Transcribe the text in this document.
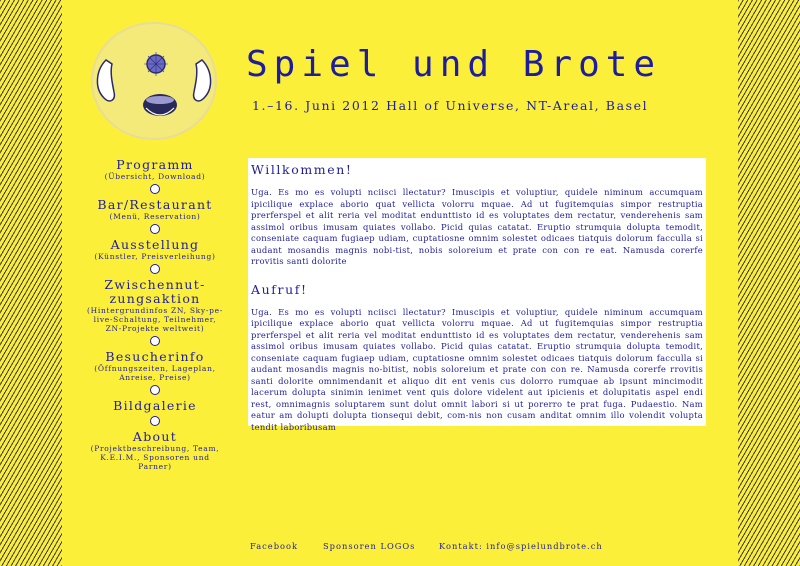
Spiel und Brote
1.–16. Juni 2012 Hall of Universe, NT-Areal, Basel
Programm
(Übersicht, Download)
Bar/Restaurant
(Menü, Reservation)
Ausstellung
(Künstler, Preisverleihung)
Zwischennut-zungsaktion
(Hintergrundinfos ZN, Sky-pe-live-Schaltung, Teilnehmer, ZN-Projekte weltweit)
Besucherinfo
(Öffnungszeiten, Lageplan, Anreise, Preise)
Bildgalerie
About
(Projektbeschreibung, Team, K.E.I.M., Sponsoren und Parner)
Willkommen!

Uga. Es mo es volupti nciisci llectatur? Imuscipis et voluptiur, quidele niminum accumquam ipicilique explace aborio quat vellicta volorru mquae. Ad ut fugitemquias simpor restruptia prerferspel et alit reria vel moditat endunttisto id es voluptates dem rectatur, venderehenis sam assimol oribus imusam quiates vollabo. Picid quias catatat. Eruptio strumquia dolupta temodit, conseniate caquam fugiaep udiam, cuptatiosne omnim solestet odicaes tiatquis dolorum facculla si audant mosandis magnis nobi-tist, nobis soloreium et prate con con re eat. Namusda corerfe rrovitis santi dolorite

Aufruf!

Uga. Es mo es volupti nciisci llectatur? Imuscipis et voluptiur, quidele niminum accumquam ipicilique explace aborio quat vellicta volorru mquae. Ad ut fugitemquias simpor restruptia prerferspel et alit reria vel moditat endunttisto id es voluptates dem rectatur, venderehenis sam assimol oribus imusam quiates vollabo. Picid quias catatat. Eruptio strumquia dolupta temodit, conseniate caquam fugiaep udiam, cuptatiosne omnim solestet odicaes tiatquis dolorum facculla si audant mosandis magnis no-bitist, nobis soloreium et prate con con re. Namusda corerfe rrovitis santi dolorite omnimendanit et aliquo dit ent venis cus dolorro rumquae ab ipsunt mincimodit lacerum dolupta sinimin ienimet vent quis dolore videlent aut ipicienis et dolupitatis aspel endi rest, omnimagnis soluptarem sunt dolut omnit labori si ut porerro te prat fuga. Pudaestio. Nam eatur am dolupti dolupta tionsequi debit, com-nis non cusam anditat omnim illo volendit volupta tendit laboribusam

Facebook	Sponsoren LOGOs	Kontakt: info@spielundbrote.ch
